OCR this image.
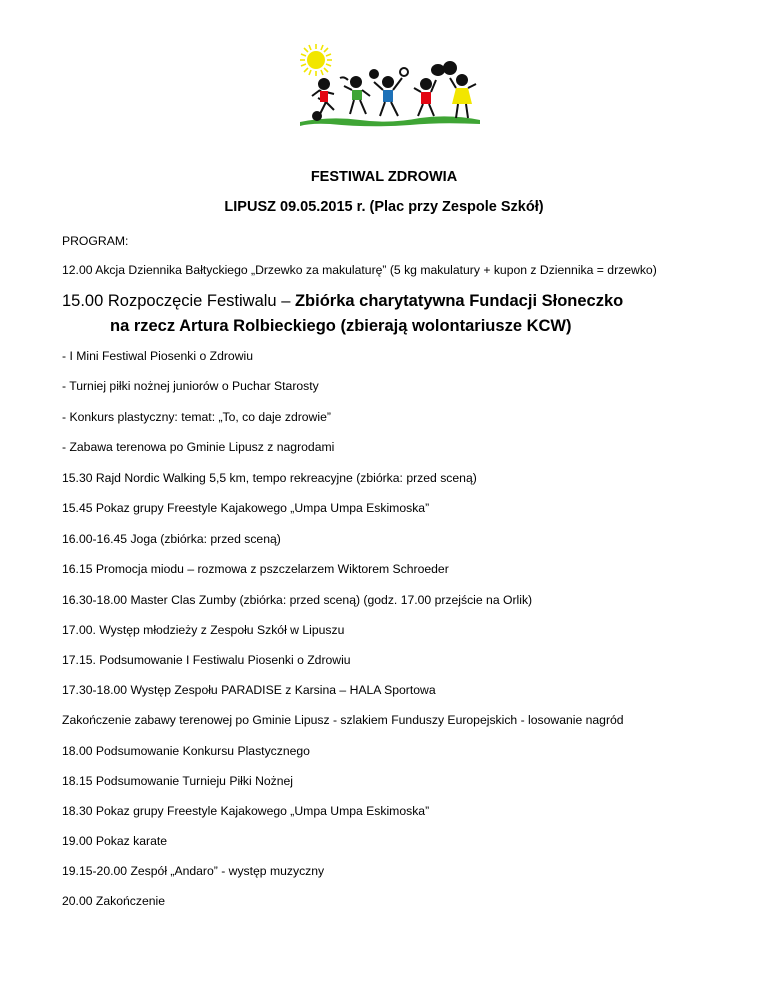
FESTIWAL ZDROWIA
LIPUSZ 09.05.2015 r. (Plac przy Zespole Szkół)
PROGRAM:
12.00 Akcja Dziennika Bałtyckiego „Drzewko za makulaturę” (5 kg makulatury + kupon z Dziennika = drzewko)
15.00 Rozpoczęcie Festiwalu – Zbiórka charytatywna Fundacji Słoneczko
na rzecz Artura Rolbieckiego (zbierają wolontariusze KCW)
- I Mini Festiwal Piosenki o Zdrowiu
- Turniej piłki nożnej juniorów o Puchar Starosty
- Konkurs plastyczny: temat: „To, co daje zdrowie”
- Zabawa terenowa po Gminie Lipusz z nagrodami
15.30 Rajd Nordic Walking 5,5 km, tempo rekreacyjne (zbiórka: przed sceną)
15.45 Pokaz grupy Freestyle Kajakowego „Umpa Umpa Eskimoska”
16.00-16.45 Joga (zbiórka: przed sceną)
16.15 Promocja miodu – rozmowa z pszczelarzem Wiktorem Schroeder
16.30-18.00 Master Clas Zumby (zbiórka: przed sceną) (godz. 17.00 przejście na Orlik)
17.00. Występ młodzieży z Zespołu Szkół w Lipuszu
17.15. Podsumowanie I Festiwalu Piosenki o Zdrowiu
17.30-18.00 Występ Zespołu PARADISE z Karsina – HALA Sportowa
Zakończenie zabawy terenowej po Gminie Lipusz - szlakiem Funduszy Europejskich - losowanie nagród
18.00 Podsumowanie Konkursu Plastycznego
18.15 Podsumowanie Turnieju Piłki Nożnej
18.30 Pokaz grupy Freestyle Kajakowego „Umpa Umpa Eskimoska”
19.00 Pokaz karate
19.15-20.00 Zespół „Andaro” - występ muzyczny
20.00 Zakończenie
